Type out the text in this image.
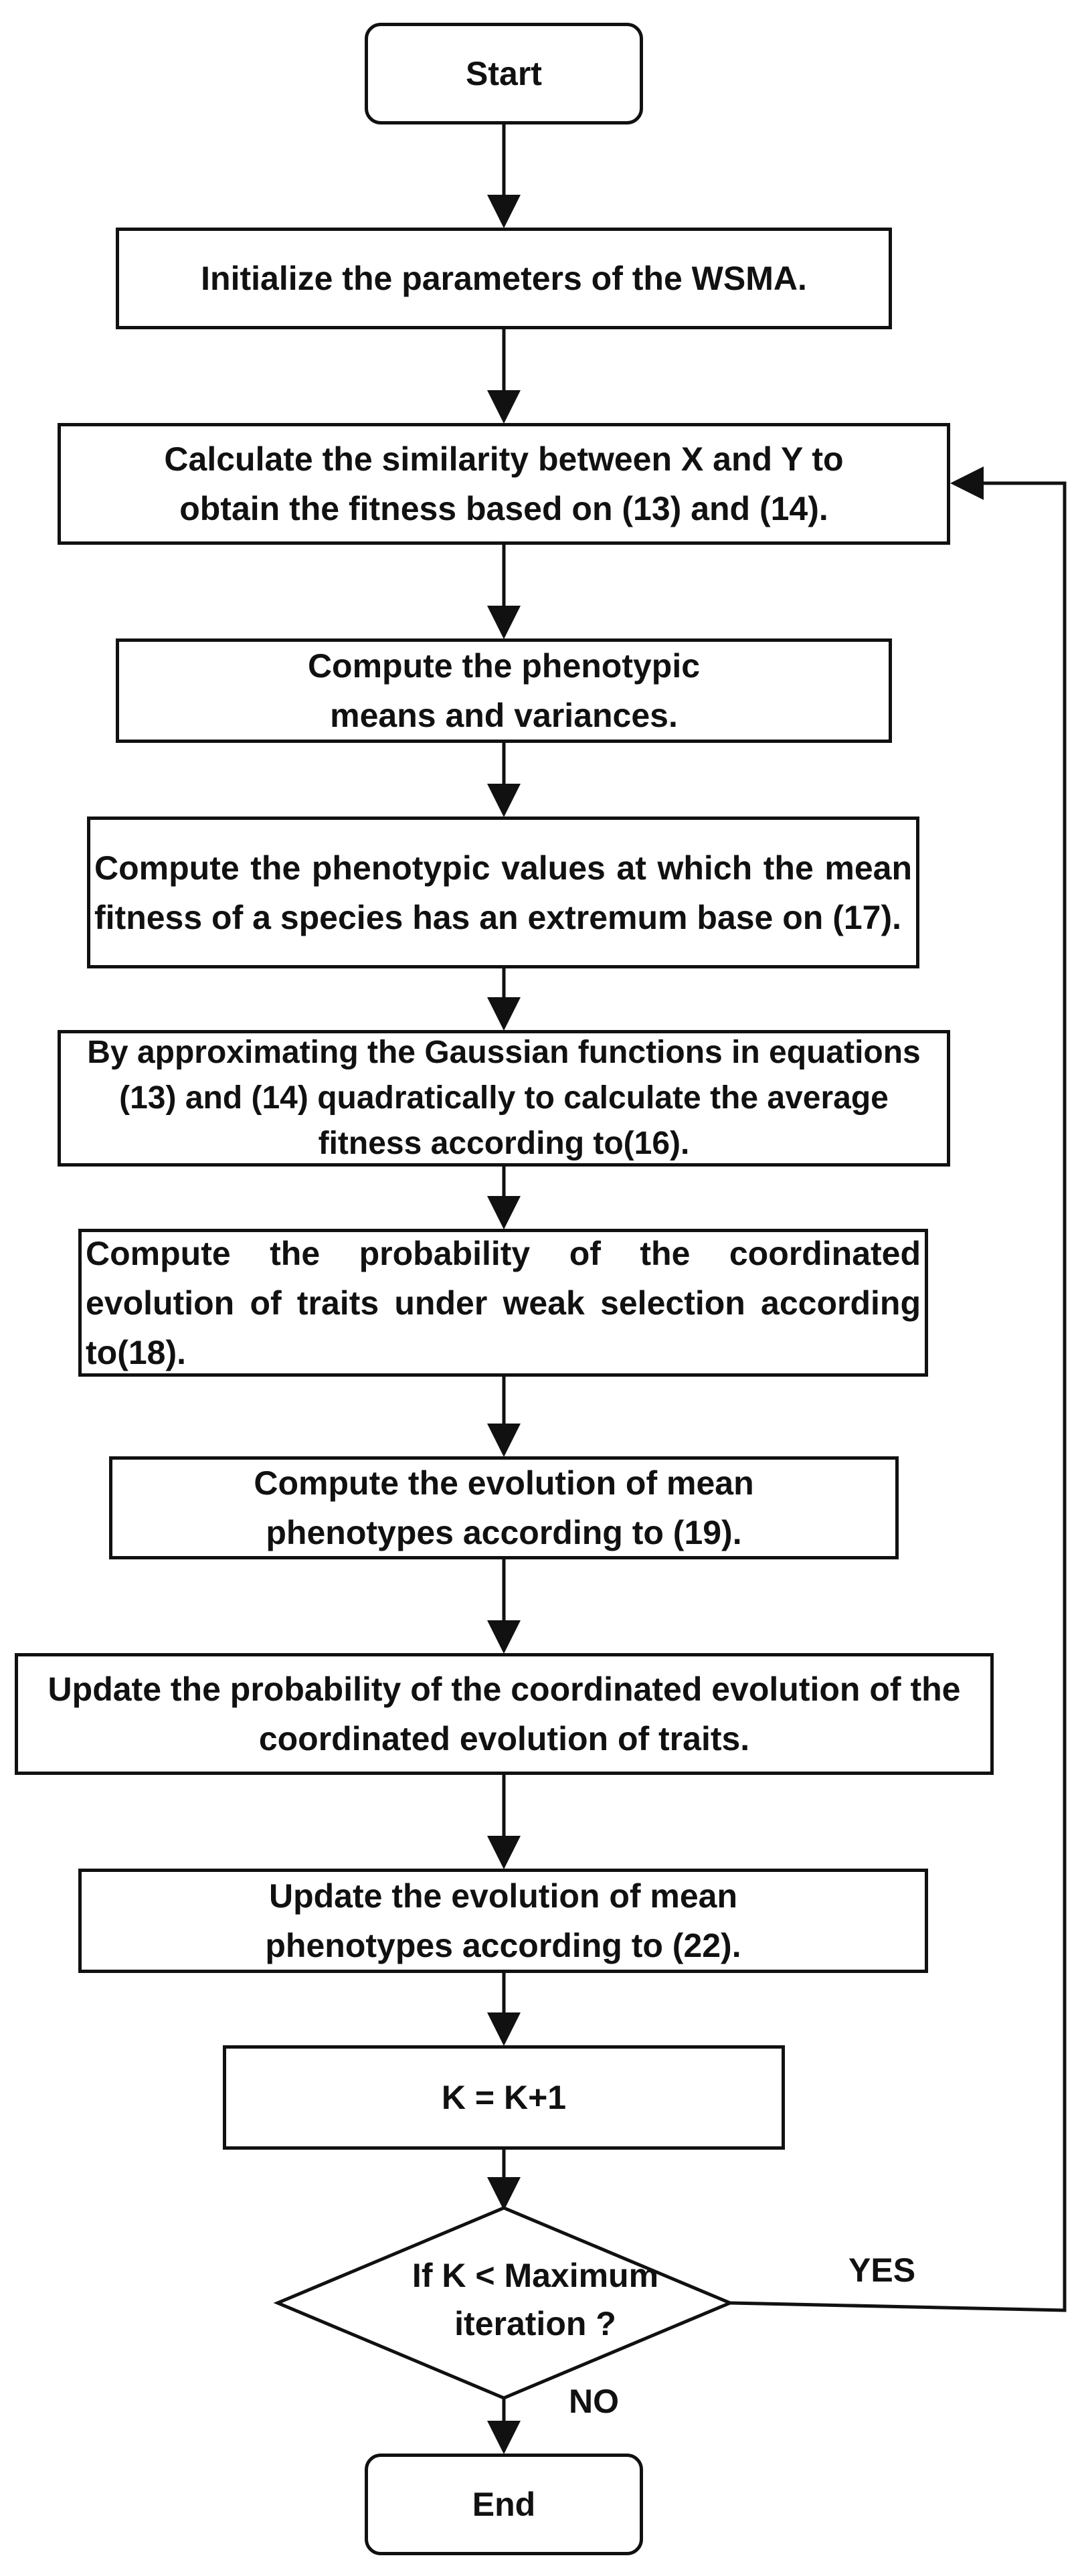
Start
Initialize the parameters of the WSMA.
Calculate the similarity between X and Y to obtain the fitness based on (13) and (14).
Compute the phenotypic means and variances.
Compute the phenotypic values at which the mean fitness of a species has an extremum base on (17).
By approximating the Gaussian functions in equations (13) and (14) quadratically to calculate the average fitness according to(16).
Compute the probability of the coordinated evolution of traits under weak selection according to(18).
Compute the evolution of mean phenotypes according to (19).
Update the probability of the coordinated evolution of the coordinated evolution of traits.
Update the evolution of mean phenotypes according to (22).
K = K+1
If K < Maximum iteration ?
YES
NO
End
